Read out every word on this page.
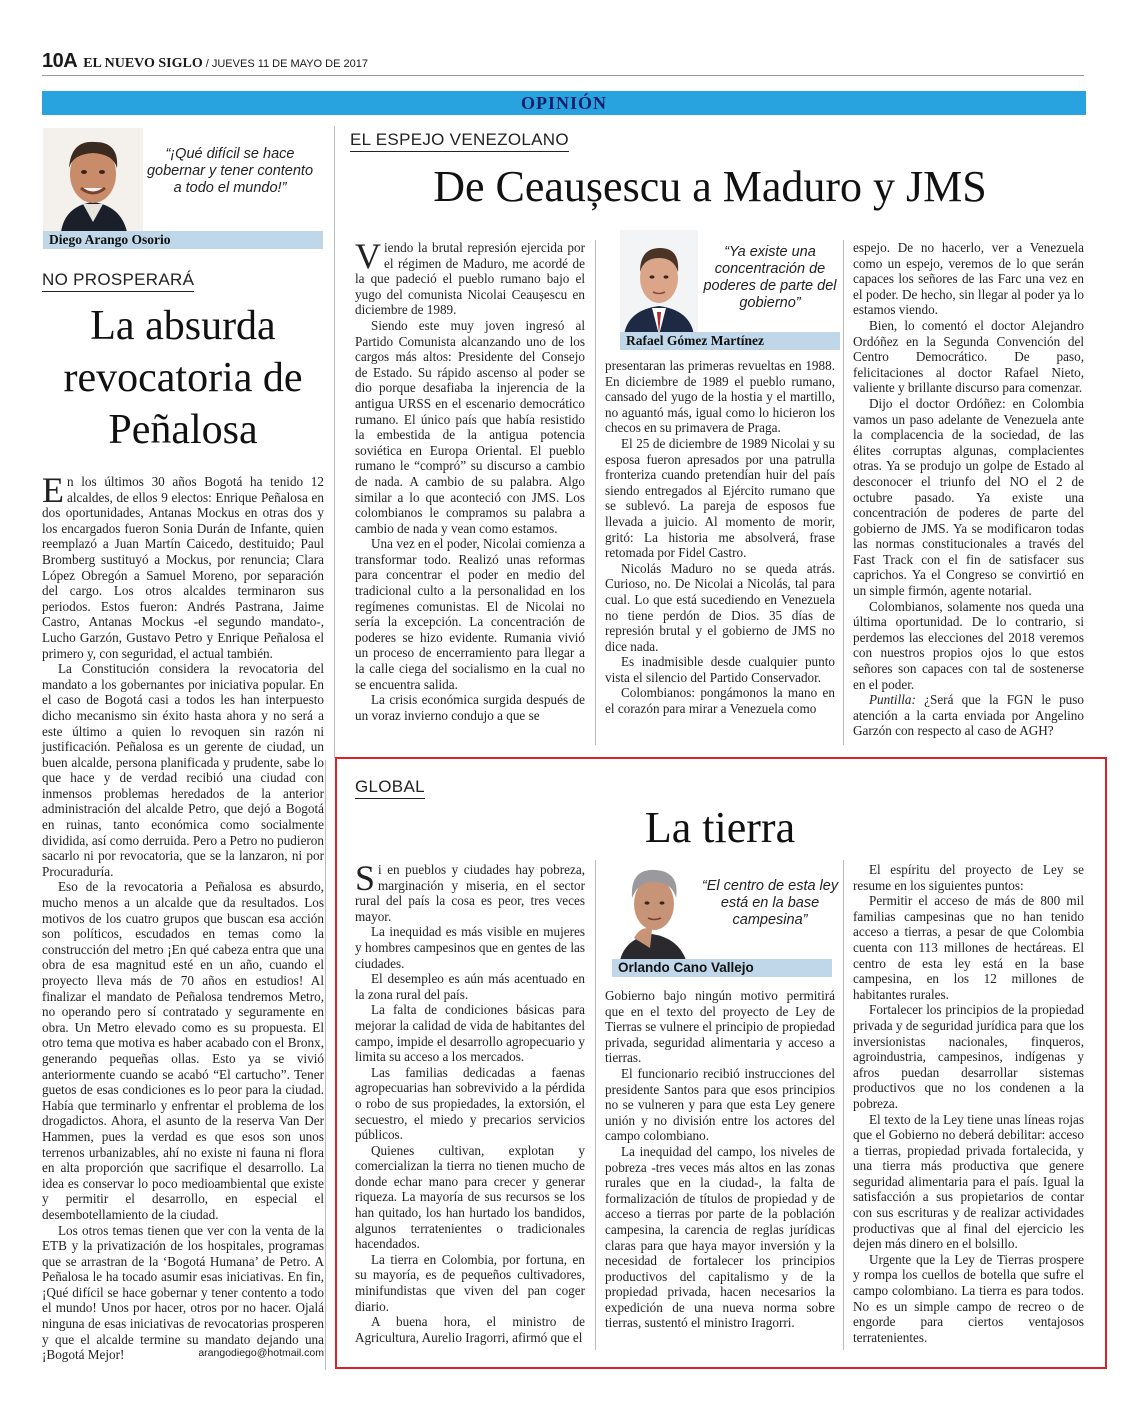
10A EL NUEVO SIGLO / JUEVES 11 DE MAYO DE 2017
OPINIÓN
“¡Qué difícil se hace gobernar y tener contento a todo el mundo!”
Diego Arango Osorio
NO PROSPERARÁ
La absurda revocatoria de Peñalosa

En los últimos 30 años Bogotá ha tenido 12 alcaldes, de ellos 9 electos: Enrique Peñalosa en dos oportunidades, Antanas Mockus en otras dos y los encargados fueron Sonia Durán de Infante, quien reemplazó a Juan Martín Caicedo, destituido; Paul Bromberg sustituyó a Mockus, por renuncia; Clara López Obregón a Samuel Moreno, por separación del cargo. Los otros alcaldes terminaron sus periodos. Estos fueron: Andrés Pastrana, Jaime Castro, Antanas Mockus -el segundo mandato-, Lucho Garzón, Gustavo Petro y Enrique Peñalosa el primero y, con seguridad, el actual también.

La Constitución considera la revocatoria del mandato a los gobernantes por iniciativa popular. En el caso de Bogotá casi a todos les han interpuesto dicho mecanismo sin éxito hasta ahora y no será a este último a quien lo revoquen sin razón ni justificación. Peñalosa es un gerente de ciudad, un buen alcalde, persona planificada y prudente, sabe lo que hace y de verdad recibió una ciudad con inmensos problemas heredados de la anterior administración del alcalde Petro, que dejó a Bogotá en ruinas, tanto económica como socialmente dividida, así como derruida. Pero a Petro no pudieron sacarlo ni por revocatoria, que se la lanzaron, ni por Procuraduría.

Eso de la revocatoria a Peñalosa es absurdo, mucho menos a un alcalde que da resultados. Los motivos de los cuatro grupos que buscan esa acción son políticos, escudados en temas como la construcción del metro ¡En qué cabeza entra que una obra de esa magnitud esté en un año, cuando el proyecto lleva más de 70 años en estudios! Al finalizar el mandato de Peñalosa tendremos Metro, no operando pero sí contratado y seguramente en obra. Un Metro elevado como es su propuesta. El otro tema que motiva es haber acabado con el Bronx, generando pequeñas ollas. Esto ya se vivió anteriormente cuando se acabó “El cartucho”. Tener guetos de esas condiciones es lo peor para la ciudad. Había que terminarlo y enfrentar el problema de los drogadictos. Ahora, el asunto de la reserva Van Der Hammen, pues la verdad es que esos son unos terrenos urbanizables, ahí no existe ni fauna ni flora en alta proporción que sacrifique el desarrollo. La idea es conservar lo poco medioambiental que existe y permitir el desarrollo, en especial el desembotellamiento de la ciudad.

Los otros temas tienen que ver con la venta de la ETB y la privatización de los hospitales, programas que se arrastran de la ‘Bogotá Humana’ de Petro. A Peñalosa le ha tocado asumir esas iniciativas. En fin, ¡Qué difícil se hace gobernar y tener contento a todo el mundo! Unos por hacer, otros por no hacer. Ojalá ninguna de esas iniciativas de revocatorias prosperen y que el alcalde termine su mandato dejando una ¡Bogotá Mejor!	arangodiego@hotmail.com
EL ESPEJO VENEZOLANO
De Ceaușescu a Maduro y JMS

Viendo la brutal represión ejercida por el régimen de Maduro, me acordé de la que padeció el pueblo rumano bajo el yugo del comunista Nicolai Ceaușescu en diciembre de 1989.

Siendo este muy joven ingresó al Partido Comunista alcanzando uno de los cargos más altos: Presidente del Consejo de Estado. Su rápido ascenso al poder se dio porque desafiaba la injerencia de la antigua URSS en el escenario democrático rumano. El único país que había resistido la embestida de la antigua potencia soviética en Europa Oriental. El pueblo rumano le “compró” su discurso a cambio de nada. A cambio de su palabra. Algo similar a lo que aconteció con JMS. Los colombianos le compramos su palabra a cambio de nada y vean como estamos.

Una vez en el poder, Nicolai comienza a transformar todo. Realizó unas reformas para concentrar el poder en medio del tradicional culto a la personalidad en los regímenes comunistas. El de Nicolai no sería la excepción. La concentración de poderes se hizo evidente. Rumania vivió un proceso de encerramiento para llegar a la calle ciega del socialismo en la cual no se encuentra salida.

La crisis económica surgida después de un voraz invierno condujo a que se

“Ya existe una concentración de poderes de parte del gobierno”
Rafael Gómez Martínez

presentaran las primeras revueltas en 1988. En diciembre de 1989 el pueblo rumano, cansado del yugo de la hostia y el martillo, no aguantó más, igual como lo hicieron los checos en su primavera de Praga.

El 25 de diciembre de 1989 Nicolai y su esposa fueron apresados por una patrulla fronteriza cuando pretendían huir del país siendo entregados al Ejército rumano que se sublevó. La pareja de esposos fue llevada a juicio. Al momento de morir, gritó: La historia me absolverá, frase retomada por Fidel Castro.

Nicolás Maduro no se queda atrás. Curioso, no. De Nicolai a Nicolás, tal para cual. Lo que está sucediendo en Venezuela no tiene perdón de Dios. 35 días de represión brutal y el gobierno de JMS no dice nada.

Es inadmisible desde cualquier punto vista el silencio del Partido Conservador.

Colombianos: pongámonos la mano en el corazón para mirar a Venezuela como

espejo. De no hacerlo, ver a Venezuela como un espejo, veremos de lo que serán capaces los señores de las Farc una vez en el poder. De hecho, sin llegar al poder ya lo estamos viendo.

Bien, lo comentó el doctor Alejandro Ordóñez en la Segunda Convención del Centro Democrático. De paso, felicitaciones al doctor Rafael Nieto, valiente y brillante discurso para comenzar.

Dijo el doctor Ordóñez: en Colombia vamos un paso adelante de Venezuela ante la complacencia de la sociedad, de las élites corruptas algunas, complacientes otras. Ya se produjo un golpe de Estado al desconocer el triunfo del NO el 2 de octubre pasado. Ya existe una concentración de poderes de parte del gobierno de JMS. Ya se modificaron todas las normas constitucionales a través del Fast Track con el fin de satisfacer sus caprichos. Ya el Congreso se convirtió en un simple firmón, agente notarial.

Colombianos, solamente nos queda una última oportunidad. De lo contrario, si perdemos las elecciones del 2018 veremos con nuestros propios ojos lo que estos señores son capaces con tal de sostenerse en el poder.

Puntilla: ¿Será que la FGN le puso atención a la carta enviada por Angelino Garzón con respecto al caso de AGH?

GLOBAL
La tierra

Si en pueblos y ciudades hay pobreza, marginación y miseria, en el sector rural del país la cosa es peor, tres veces mayor.

La inequidad es más visible en mujeres y hombres campesinos que en gentes de las ciudades.

El desempleo es aún más acentuado en la zona rural del país.

La falta de condiciones básicas para mejorar la calidad de vida de habitantes del campo, impide el desarrollo agropecuario y limita su acceso a los mercados.

Las familias dedicadas a faenas agropecuarias han sobrevivido a la pérdida o robo de sus propiedades, la extorsión, el secuestro, el miedo y precarios servicios públicos.

Quienes cultivan, explotan y comercializan la tierra no tienen mucho de donde echar mano para crecer y generar riqueza. La mayoría de sus recursos se los han quitado, los han hurtado los bandidos, algunos terratenientes o tradicionales hacendados.

La tierra en Colombia, por fortuna, en su mayoría, es de pequeños cultivadores, minifundistas que viven del pan coger diario.

A buena hora, el ministro de Agricultura, Aurelio Iragorri, afirmó que el

“El centro de esta ley está en la base campesina”
Orlando Cano Vallejo

Gobierno bajo ningún motivo permitirá que en el texto del proyecto de Ley de Tierras se vulnere el principio de propiedad privada, seguridad alimentaria y acceso a tierras.

El funcionario recibió instrucciones del presidente Santos para que esos principios no se vulneren y para que esta Ley genere unión y no división entre los actores del campo colombiano.

La inequidad del campo, los niveles de pobreza -tres veces más altos en las zonas rurales que en la ciudad-, la falta de formalización de títulos de propiedad y de acceso a tierras por parte de la población campesina, la carencia de reglas jurídicas claras para que haya mayor inversión y la necesidad de fortalecer los principios productivos del capitalismo y de la propiedad privada, hacen necesarios la expedición de una nueva norma sobre tierras, sustentó el ministro Iragorri.

El espíritu del proyecto de Ley se resume en los siguientes puntos:

Permitir el acceso de más de 800 mil familias campesinas que no han tenido acceso a tierras, a pesar de que Colombia cuenta con 113 millones de hectáreas. El centro de esta ley está en la base campesina, en los 12 millones de habitantes rurales.

Fortalecer los principios de la propiedad privada y de seguridad jurídica para que los inversionistas nacionales, finqueros, agroindustria, campesinos, indígenas y afros puedan desarrollar sistemas productivos que no los condenen a la pobreza.

El texto de la Ley tiene unas líneas rojas que el Gobierno no deberá debilitar: acceso a tierras, propiedad privada fortalecida, y una tierra más productiva que genere seguridad alimentaria para el país. Igual la satisfacción a sus propietarios de contar con sus escrituras y de realizar actividades productivas que al final del ejercicio les dejen más dinero en el bolsillo.

Urgente que la Ley de Tierras prospere y rompa los cuellos de botella que sufre el campo colombiano. La tierra es para todos. No es un simple campo de recreo o de engorde para ciertos ventajosos terratenientes.
